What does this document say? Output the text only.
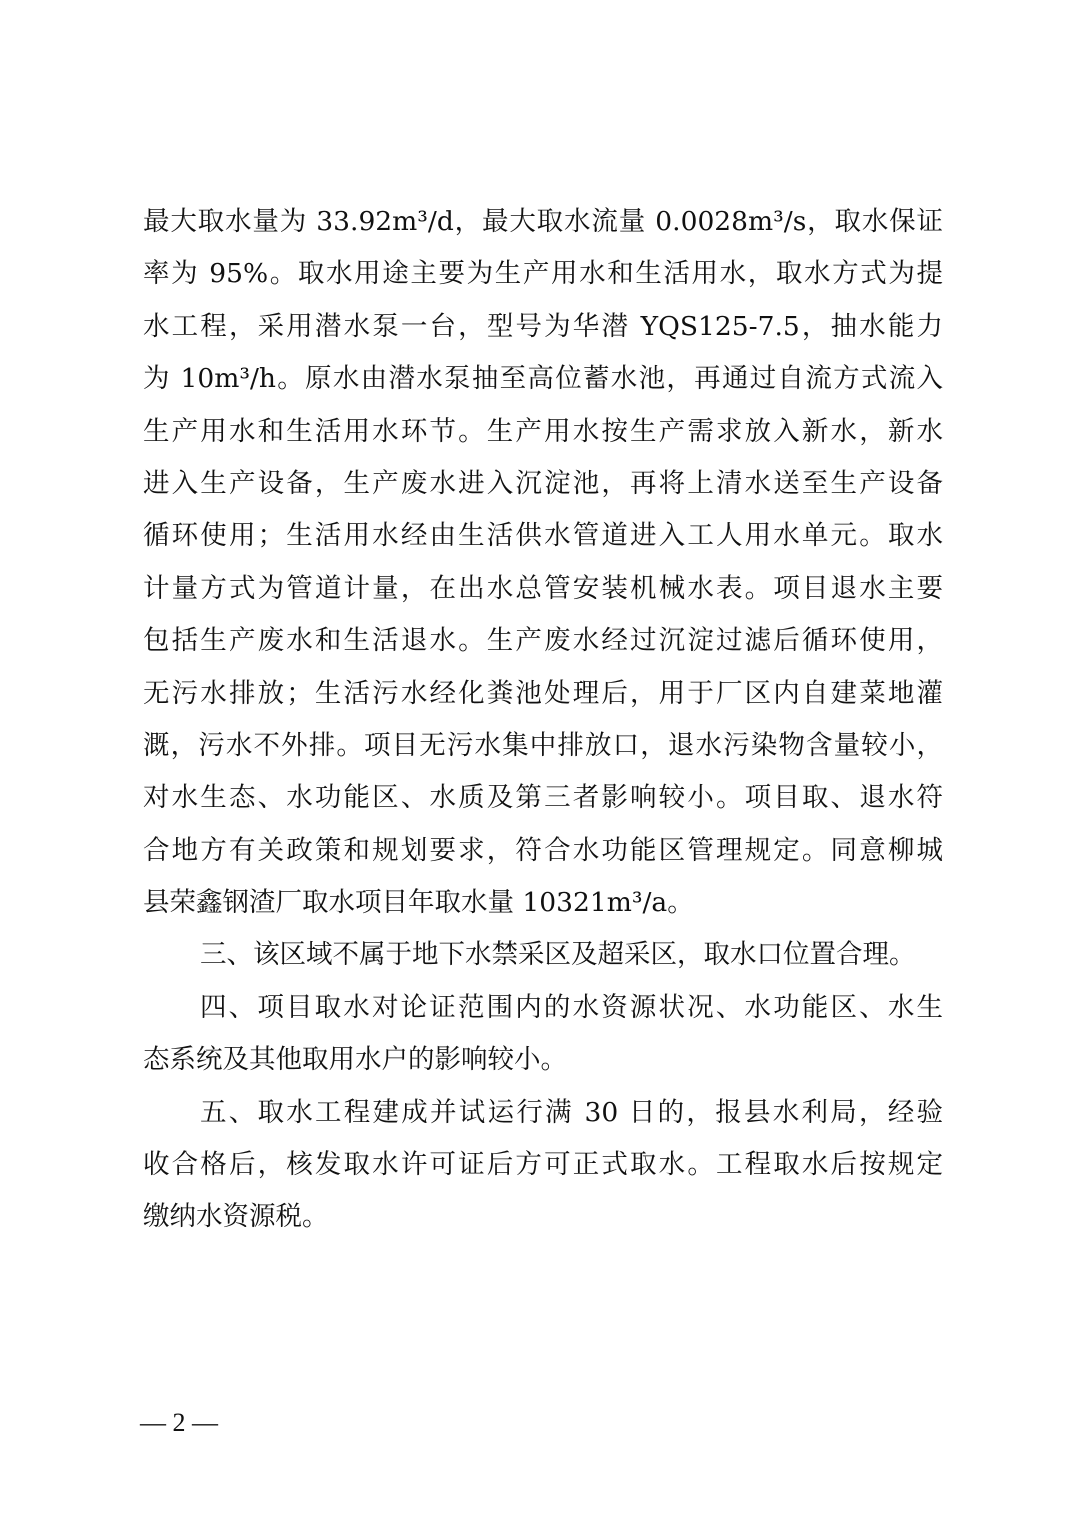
最大取水量为 33.92m³/d，最大取水流量 0.0028m³/s，取水保证
率为 95%。取水用途主要为生产用水和生活用水，取水方式为提
水工程，采用潜水泵一台，型号为华潜 YQS125-7.5，抽水能力
为 10m³/h。原水由潜水泵抽至高位蓄水池，再通过自流方式流入
生产用水和生活用水环节。生产用水按生产需求放入新水，新水
进入生产设备，生产废水进入沉淀池，再将上清水送至生产设备
循环使用；生活用水经由生活供水管道进入工人用水单元。取水
计量方式为管道计量，在出水总管安装机械水表。项目退水主要
包括生产废水和生活退水。生产废水经过沉淀过滤后循环使用，
无污水排放；生活污水经化粪池处理后，用于厂区内自建菜地灌
溉，污水不外排。项目无污水集中排放口，退水污染物含量较小，
对水生态、水功能区、水质及第三者影响较小。项目取、退水符
合地方有关政策和规划要求，符合水功能区管理规定。同意柳城
县荣鑫钢渣厂取水项目年取水量 10321m³/a。
三、该区域不属于地下水禁采区及超采区，取水口位置合理。
四、项目取水对论证范围内的水资源状况、水功能区、水生
态系统及其他取用水户的影响较小。
五、取水工程建成并试运行满 30 日的，报县水利局，经验
收合格后，核发取水许可证后方可正式取水。工程取水后按规定
缴纳水资源税。
— 2 —
